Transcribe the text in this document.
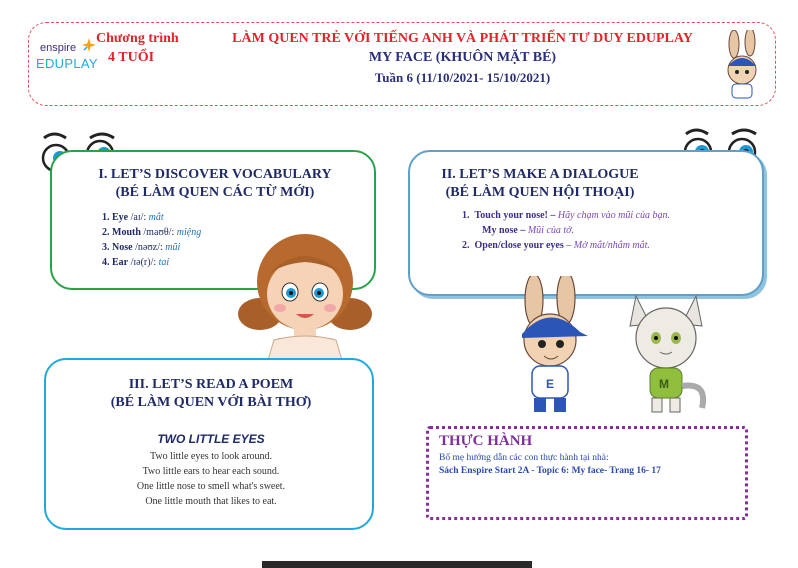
enspire
EDUPLAY
Chương trình
4 TUỔI
LÀM QUEN TRẺ VỚI TIẾNG ANH VÀ PHÁT TRIỂN TƯ DUY EDUPLAY
MY FACE (KHUÔN MẶT BÉ)
Tuần 6 (11/10/2021- 15/10/2021)
I. LET’S DISCOVER VOCABULARY
(BÉ LÀM QUEN CÁC TỪ MỚI)
1. Eye /aɪ/: mắt
2. Mouth /maʊθ/: miệng
3. Nose /nəʊz/: mũi
4. Ear /ɪə(r)/: tai
II. LET’S MAKE A DIALOGUE
(BÉ LÀM QUEN HỘI THOẠI)
1. Touch your nose! – Hãy chạm vào mũi của bạn.
My nose – Mũi của tớ.
2. Open/close your eyes – Mở mắt/nhắm mắt.
E	M
III. LET’S READ A POEM
(BÉ LÀM QUEN VỚI BÀI THƠ)
TWO LITTLE EYES
Two little eyes to look around.
Two little ears to hear each sound.
One little nose to smell what's sweet.
One little mouth that likes to eat.
THỰC HÀNH
Bố mẹ hướng dẫn các con thực hành tại nhà:
Sách Enspire Start 2A - Topic 6: My face- Trang 16- 17
